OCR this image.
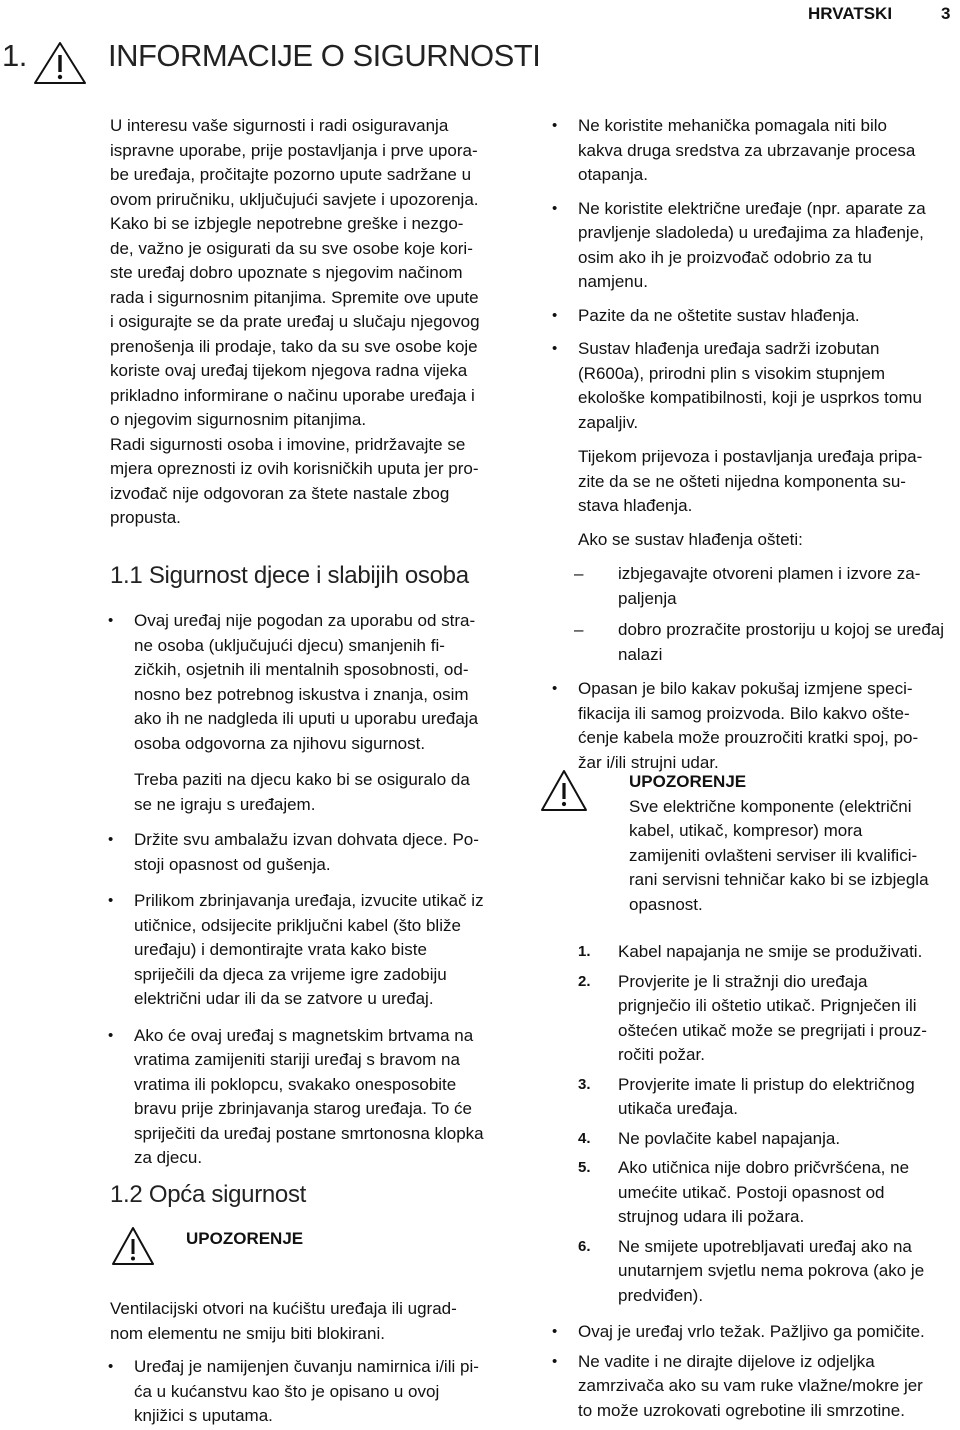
HRVATSKI	3
1.	INFORMACIJE O SIGURNOSTI
U interesu vaše sigurnosti i radi osiguravanja
ispravne uporabe, prije postavljanja i prve upora-
be uređaja, pročitajte pozorno upute sadržane u
ovom priručniku, uključujući savjete i upozorenja.
Kako bi se izbjegle nepotrebne greške i nezgo-
de, važno je osigurati da su sve osobe koje kori-
ste uređaj dobro upoznate s njegovim načinom
rada i sigurnosnim pitanjima. Spremite ove upute
i osigurajte se da prate uređaj u slučaju njegovog
prenošenja ili prodaje, tako da su sve osobe koje
koriste ovaj uređaj tijekom njegova radna vijeka
prikladno informirane o načinu uporabe uređaja i
o njegovim sigurnosnim pitanjima.
Radi sigurnosti osoba i imovine, pridržavajte se
mjera opreznosti iz ovih korisničkih uputa jer pro-
izvođač nije odgovoran za štete nastale zbog
propusta.
1.1 Sigurnost djece i slabijih osoba
• Ovaj uređaj nije pogodan za uporabu od stra-
ne osoba (uključujući djecu) smanjenih fi-
zičkih, osjetnih ili mentalnih sposobnosti, od-
nosno bez potrebnog iskustva i znanja, osim
ako ih ne nadgleda ili uputi u uporabu uređaja
osoba odgovorna za njihovu sigurnost.
Treba paziti na djecu kako bi se osiguralo da
se ne igraju s uređajem.
• Držite svu ambalažu izvan dohvata djece. Po-
stoji opasnost od gušenja.
• Prilikom zbrinjavanja uređaja, izvucite utikač iz
utičnice, odsijecite priključni kabel (što bliže
uređaju) i demontirajte vrata kako biste
spriječili da djeca za vrijeme igre zadobiju
električni udar ili da se zatvore u uređaj.
• Ako će ovaj uređaj s magnetskim brtvama na
vratima zamijeniti stariji uređaj s bravom na
vratima ili poklopcu, svakako onesposobite
bravu prije zbrinjavanja starog uređaja. To će
spriječiti da uređaj postane smrtonosna klopka
za djecu.
1.2 Opća sigurnost
UPOZORENJE
Ventilacijski otvori na kućištu uređaja ili ugrad-
nom elementu ne smiju biti blokirani.
• Uređaj je namijenjen čuvanju namirnica i/ili pi-
ća u kućanstvu kao što je opisano u ovoj
knjižici s uputama.
• Ne koristite mehanička pomagala niti bilo
kakva druga sredstva za ubrzavanje procesa
otapanja.
• Ne koristite električne uređaje (npr. aparate za
pravljenje sladoleda) u uređajima za hlađenje,
osim ako ih je proizvođač odobrio za tu
namjenu.
• Pazite da ne oštetite sustav hlađenja.
• Sustav hlađenja uređaja sadrži izobutan
(R600a), prirodni plin s visokim stupnjem
ekološke kompatibilnosti, koji je usprkos tomu
zapaljiv.
Tijekom prijevoza i postavljanja uređaja pripa-
zite da se ne ošteti nijedna komponenta su-
stava hlađenja.
Ako se sustav hlađenja ošteti:
– izbjegavajte otvoreni plamen i izvore za-
paljenja
– dobro prozračite prostoriju u kojoj se uređaj
nalazi
• Opasan je bilo kakav pokušaj izmjene speci-
fikacija ili samog proizvoda. Bilo kakvo ošte-
ćenje kabela može prouzročiti kratki spoj, po-
žar i/ili strujni udar.
UPOZORENJE
Sve električne komponente (električni
kabel, utikač, kompresor) mora
zamijeniti ovlašteni serviser ili kvalifici-
rani servisni tehničar kako bi se izbjegla
opasnost.
1. Kabel napajanja ne smije se produživati.
2. Provjerite je li stražnji dio uređaja
prignječio ili oštetio utikač. Prignječen ili
oštećen utikač može se pregrijati i prouz-
ročiti požar.
3. Provjerite imate li pristup do električnog
utikača uređaja.
4. Ne povlačite kabel napajanja.
5. Ako utičnica nije dobro pričvršćena, ne
umećite utikač. Postoji opasnost od
strujnog udara ili požara.
6. Ne smijete upotrebljavati uređaj ako na
unutarnjem svjetlu nema pokrova (ako je
predviđen).
• Ovaj je uređaj vrlo težak. Pažljivo ga pomičite.
• Ne vadite i ne dirajte dijelove iz odjeljka
zamrzivača ako su vam ruke vlažne/mokre jer
to može uzrokovati ogrebotine ili smrzotine.
